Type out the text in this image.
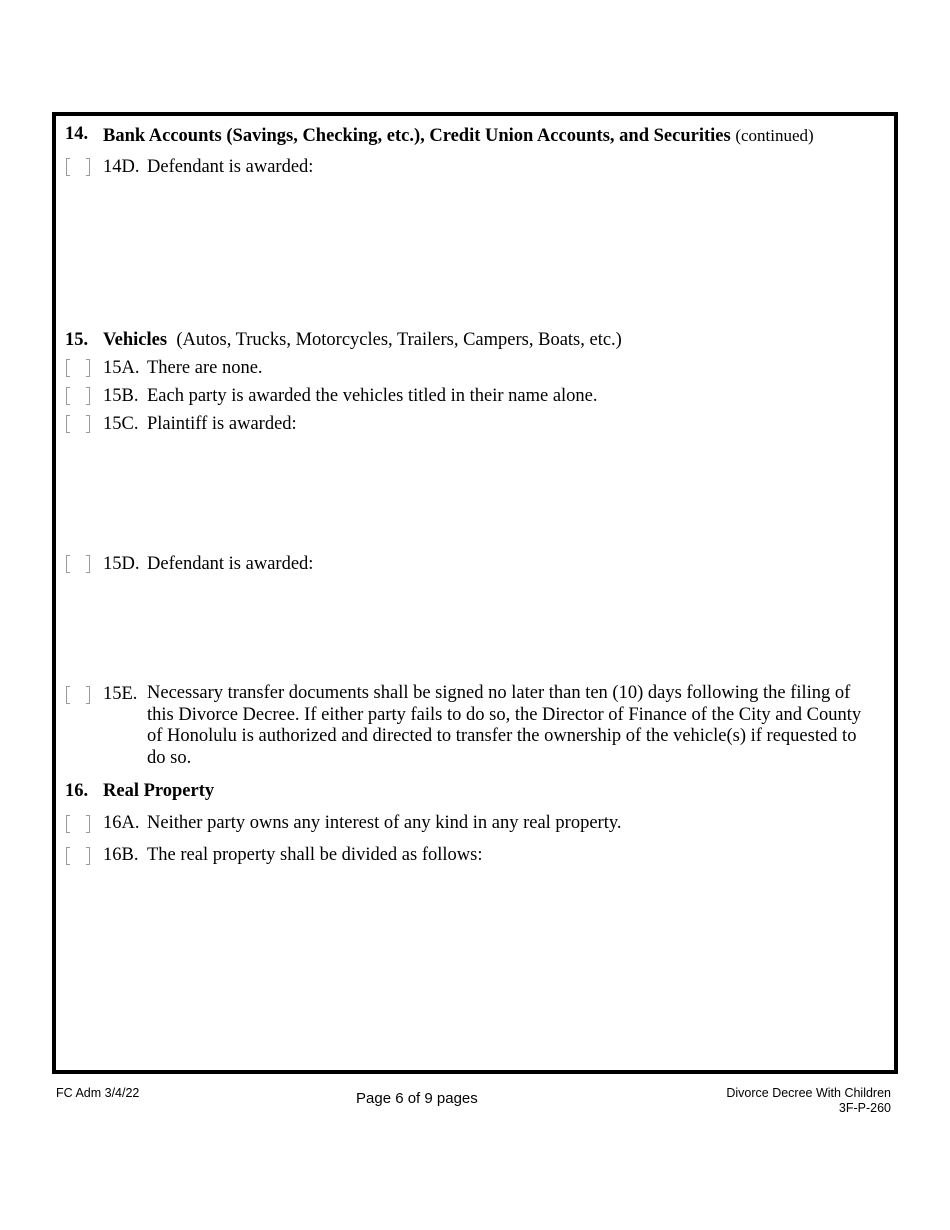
14. Bank Accounts (Savings, Checking, etc.), Credit Union Accounts, and Securities (continued)
14D. Defendant is awarded:
15. Vehicles (Autos, Trucks, Motorcycles, Trailers, Campers, Boats, etc.)
15A. There are none.
15B. Each party is awarded the vehicles titled in their name alone.
15C. Plaintiff is awarded:
15D. Defendant is awarded:
15E. Necessary transfer documents shall be signed no later than ten (10) days following the filing of this Divorce Decree. If either party fails to do so, the Director of Finance of the City and County of Honolulu is authorized and directed to transfer the ownership of the vehicle(s) if requested to do so.
16. Real Property
16A. Neither party owns any interest of any kind in any real property.
16B. The real property shall be divided as follows:
FC Adm 3/4/22	Page 6 of 9 pages	Divorce Decree With Children
3F-P-260
